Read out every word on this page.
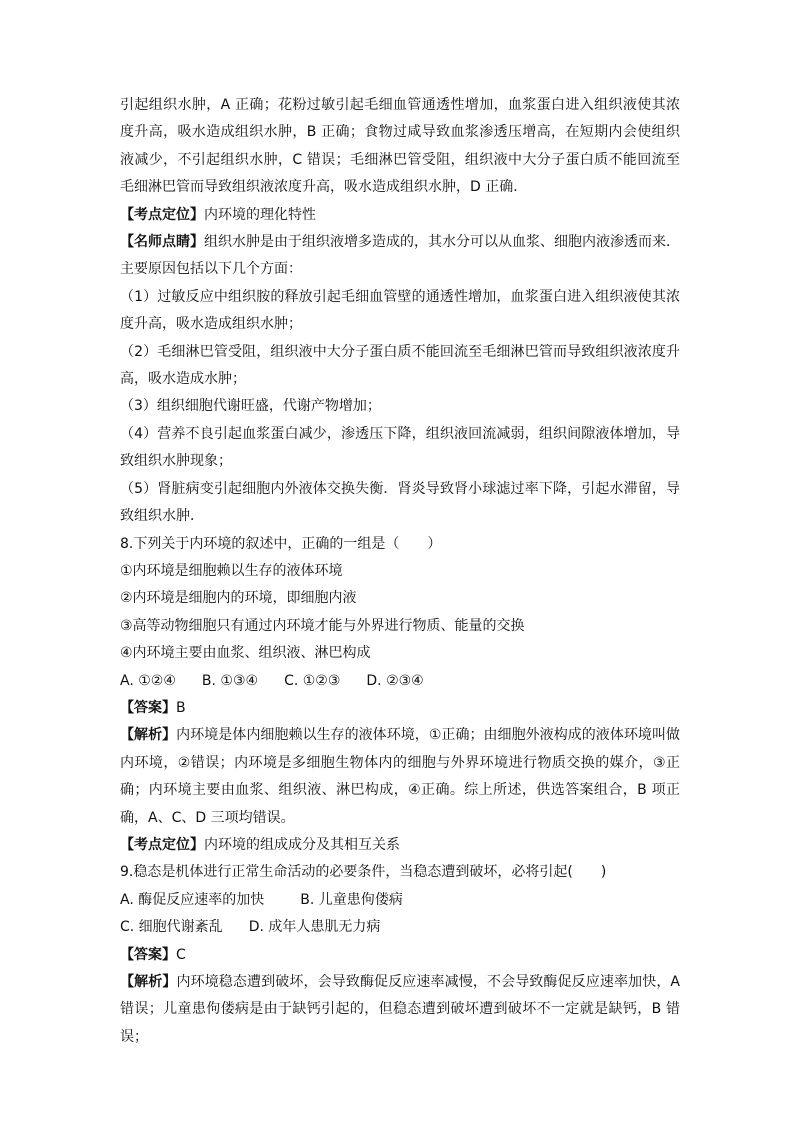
引起组织水肿，A 正确；花粉过敏引起毛细血管通透性增加，血浆蛋白进入组织液使其浓度升高，吸水造成组织水肿，B 正确；食物过咸导致血浆渗透压增高，在短期内会使组织液减少，不引起组织水肿，C 错误；毛细淋巴管受阻，组织液中大分子蛋白质不能回流至毛细淋巴管而导致组织液浓度升高，吸水造成组织水肿，D 正确．

【考点定位】内环境的理化特性

【名师点睛】组织水肿是由于组织液增多造成的，其水分可以从血浆、细胞内液渗透而来．主要原因包括以下几个方面：

（1）过敏反应中组织胺的释放引起毛细血管壁的通透性增加，血浆蛋白进入组织液使其浓度升高，吸水造成组织水肿；

（2）毛细淋巴管受阻，组织液中大分子蛋白质不能回流至毛细淋巴管而导致组织液浓度升高，吸水造成水肿；

（3）组织细胞代谢旺盛，代谢产物增加；

（4）营养不良引起血浆蛋白减少，渗透压下降，组织液回流减弱，组织间隙液体增加，导致组织水肿现象；

（5）肾脏病变引起细胞内外液体交换失衡．肾炎导致肾小球滤过率下降，引起水滞留，导致组织水肿．

8.下列关于内环境的叙述中，正确的一组是（　　）

①内环境是细胞赖以生存的液体环境

②内环境是细胞内的环境，即细胞内液

③高等动物细胞只有通过内环境才能与外界进行物质、能量的交换

④内环境主要由血浆、组织液、淋巴构成

A. ①②④ B. ①③④ C. ①②③ D. ②③④

【答案】B

【解析】内环境是体内细胞赖以生存的液体环境，①正确；由细胞外液构成的液体环境叫做内环境，②错误；内环境是多细胞生物体内的细胞与外界环境进行物质交换的媒介，③正确；内环境主要由血浆、组织液、淋巴构成，④正确。综上所述，供选答案组合，B 项正确，A、C、D 三项均错误。

【考点定位】内环境的组成成分及其相互关系

9.稳态是机体进行正常生命活动的必要条件，当稳态遭到破坏，必将引起(　　)

A. 酶促反应速率的加快	B. 儿童患佝偻病

C. 细胞代谢紊乱 D. 成年人患肌无力病

【答案】C

【解析】内环境稳态遭到破坏，会导致酶促反应速率减慢，不会导致酶促反应速率加快，A 错误；儿童患佝偻病是由于缺钙引起的，但稳态遭到破坏遭到破坏不一定就是缺钙，B 错误；
